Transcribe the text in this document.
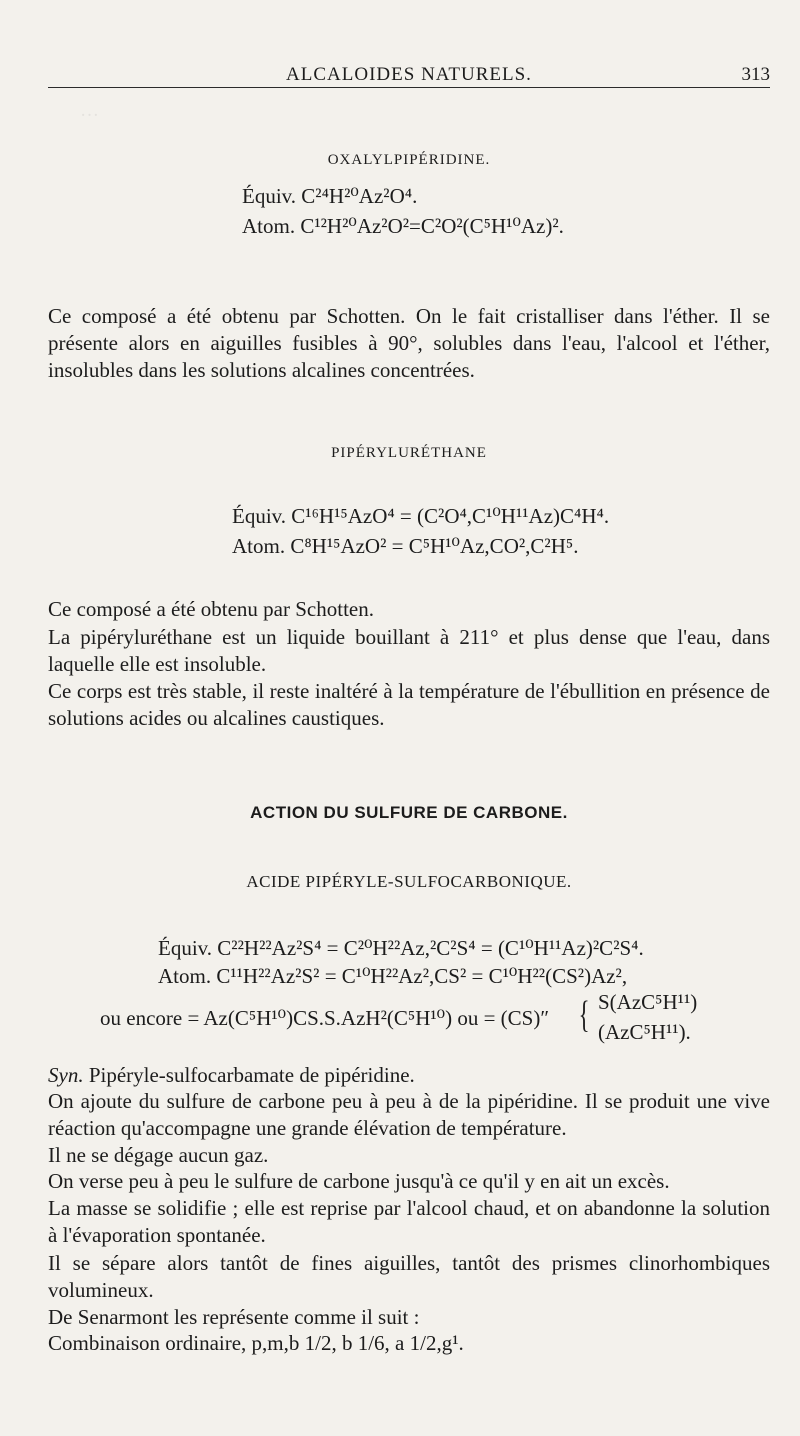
…
ALCALOIDES NATURELS.	313
OXALYLPIPÉRIDINE.
Équiv. C²⁴H²⁰Az²O⁴.
Atom. C¹²H²⁰Az²O²=C²O²(C⁵H¹⁰Az)².

Ce composé a été obtenu par Schotten. On le fait cristalliser dans l'éther. Il se présente alors en aiguilles fusibles à 90°, solubles dans l'eau, l'alcool et l'éther, insolubles dans les solutions alcalines concentrées.

PIPÉRYLURÉTHANE
Équiv. C¹⁶H¹⁵AzO⁴ = (C²O⁴,C¹⁰H¹¹Az)C⁴H⁴.
Atom. C⁸H¹⁵AzO² = C⁵H¹⁰Az,CO²,C²H⁵.

Ce composé a été obtenu par Schotten.

La pipéryluréthane est un liquide bouillant à 211° et plus dense que l'eau, dans laquelle elle est insoluble.

Ce corps est très stable, il reste inaltéré à la température de l'ébullition en présence de solutions acides ou alcalines caustiques.

ACTION DU SULFURE DE CARBONE.
ACIDE PIPÉRYLE-SULFOCARBONIQUE.
Équiv. C²²H²²Az²S⁴ = C²⁰H²²Az,²C²S⁴ = (C¹⁰H¹¹Az)²C²S⁴.
Atom. C¹¹H²²Az²S² = C¹⁰H²²Az²,CS² = C¹⁰H²²(CS²)Az²,
ou encore = Az(C⁵H¹⁰)CS.S.AzH²(C⁵H¹⁰) ou = (CS)″ { S(AzC⁵H¹¹)
(AzC⁵H¹¹).
Syn. Pipéryle-sulfocarbamate de pipéridine.

On ajoute du sulfure de carbone peu à peu à de la pipéridine. Il se produit une vive réaction qu'accompagne une grande élévation de température.

Il ne se dégage aucun gaz.

On verse peu à peu le sulfure de carbone jusqu'à ce qu'il y en ait un excès.

La masse se solidifie ; elle est reprise par l'alcool chaud, et on abandonne la solution à l'évaporation spontanée.

Il se sépare alors tantôt de fines aiguilles, tantôt des prismes clinorhombiques volumineux.

De Senarmont les représente comme il suit :

Combinaison ordinaire, p,m,b 1/2, b 1/6, a 1/2,g¹.
